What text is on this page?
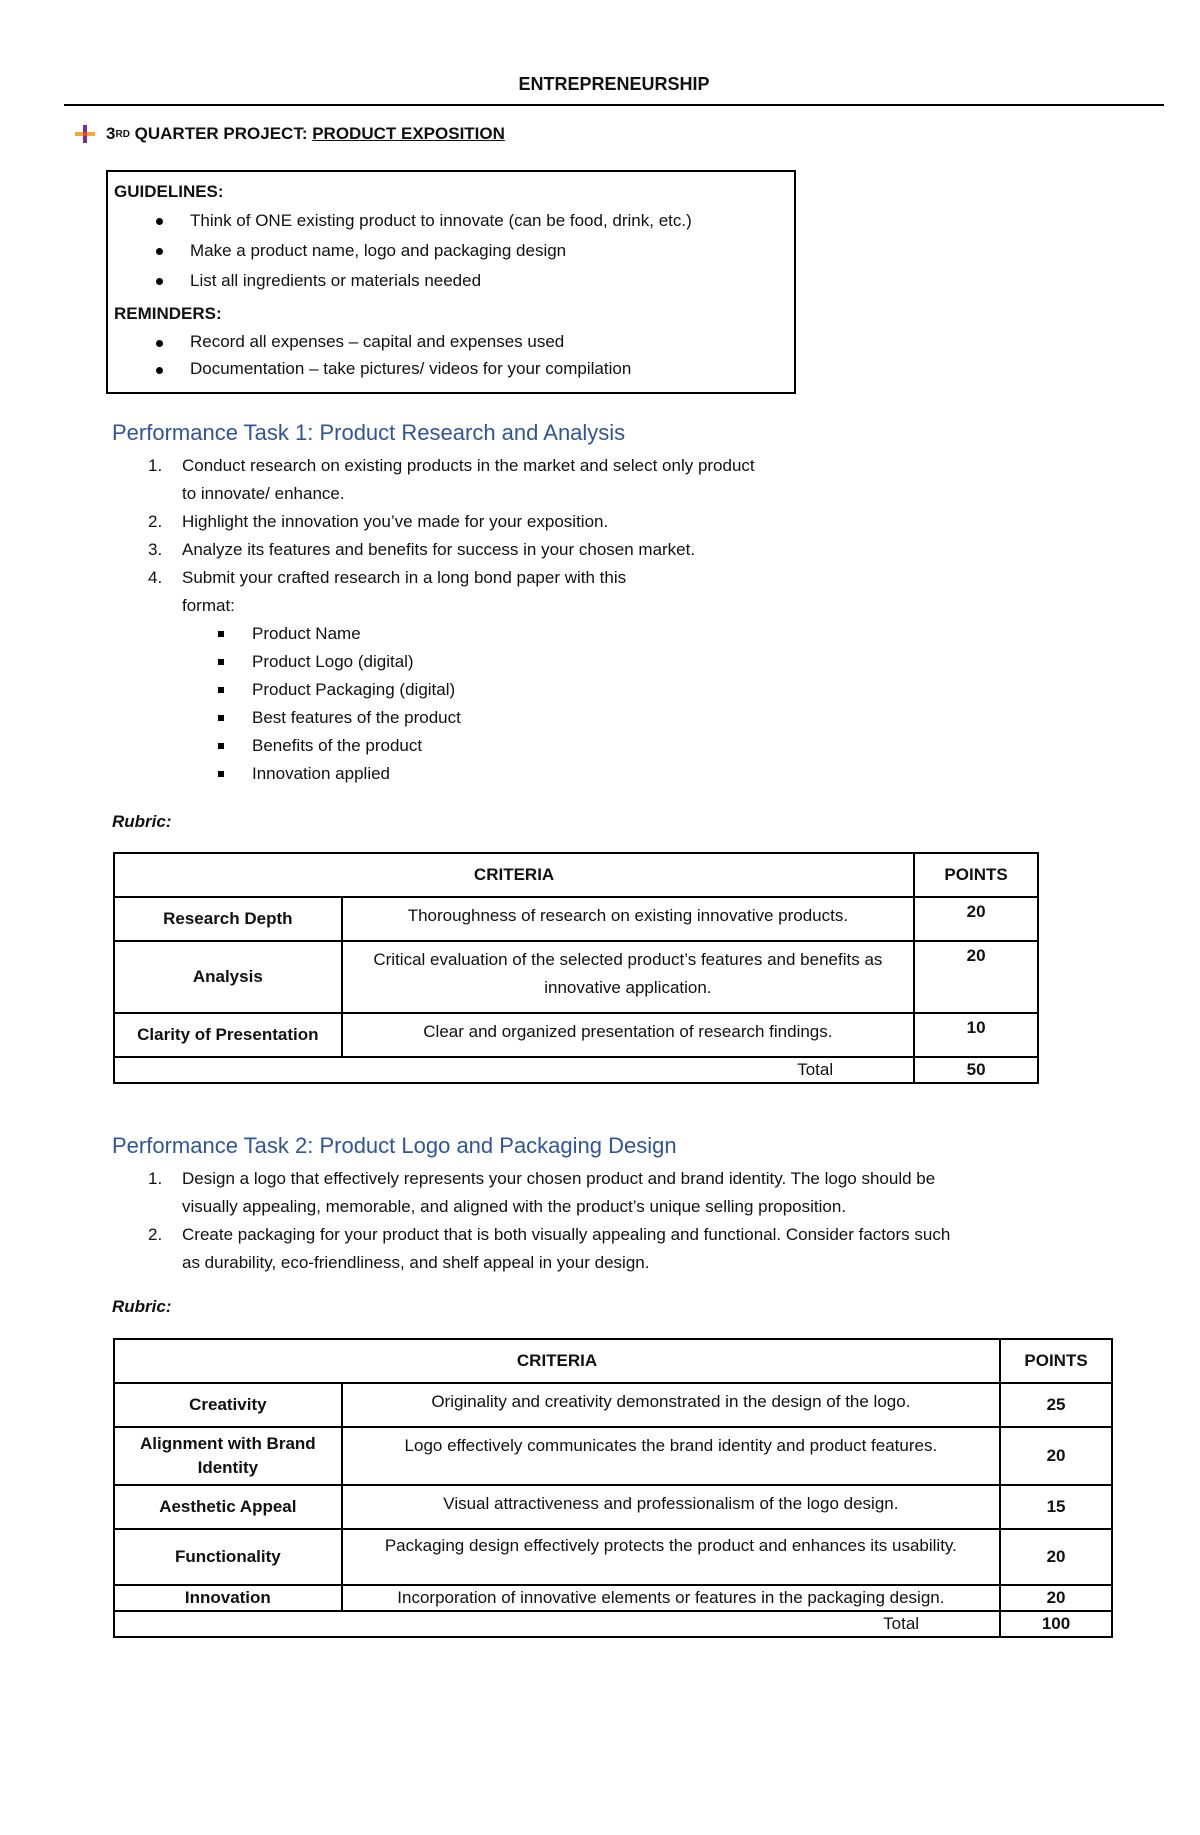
ENTREPRENEURSHIP
3 RD QUARTER PROJECT: PRODUCT EXPOSITION
GUIDELINES:
Think of ONE existing product to innovate (can be food, drink, etc.)
Make a product name, logo and packaging design
List all ingredients or materials needed
REMINDERS:
Record all expenses – capital and expenses used
Documentation – take pictures/ videos for your compilation
Performance Task 1: Product Research and Analysis
1. Conduct research on existing products in the market and select only product
to innovate/ enhance.
2. Highlight the innovation you’ve made for your exposition.
3. Analyze its features and benefits for success in your chosen market.
4. Submit your crafted research in a long bond paper with this
format:
Product Name
Product Logo (digital)
Product Packaging (digital)
Best features of the product
Benefits of the product
Innovation applied
Rubric:
CRITERIA		POINTS
Research Depth	Thoroughness of research on existing innovative products.	20
Analysis	Critical evaluation of the selected product’s features and benefits as innovative application.	20
Clarity of Presentation	Clear and organized presentation of research findings.	10
Total		50
Performance Task 2: Product Logo and Packaging Design
1. Design a logo that effectively represents your chosen product and brand identity. The logo should be
visually appealing, memorable, and aligned with the product’s unique selling proposition.
2. Create packaging for your product that is both visually appealing and functional. Consider factors such
as durability, eco-friendliness, and shelf appeal in your design.
Rubric:
CRITERIA		POINTS
Creativity	Originality and creativity demonstrated in the design of the logo.	25
Alignment with Brand Identity	Logo effectively communicates the brand identity and product features.	20
Aesthetic Appeal	Visual attractiveness and professionalism of the logo design.	15
Functionality	Packaging design effectively protects the product and enhances its usability.	20
Innovation	Incorporation of innovative elements or features in the packaging design.	20
Total		100
